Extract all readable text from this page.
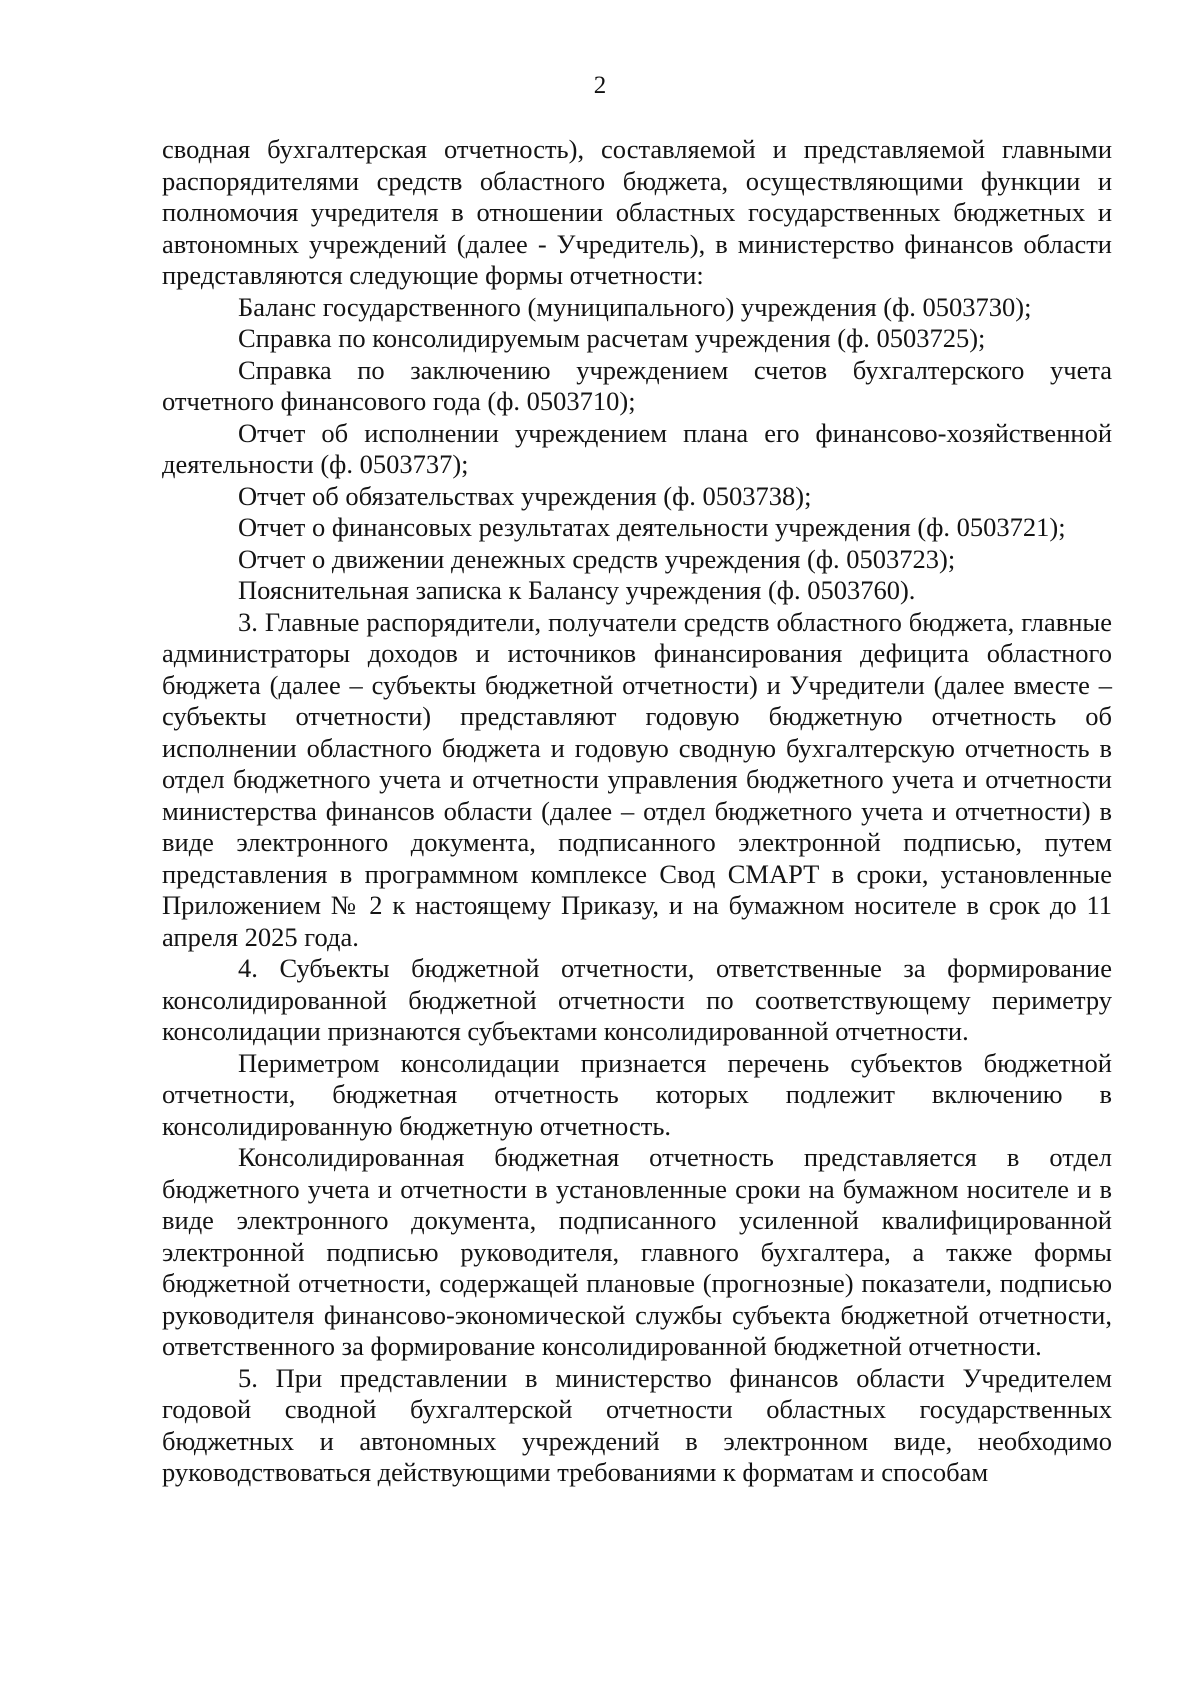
2

сводная бухгалтерская отчетность), составляемой и представляемой главными распорядителями средств областного бюджета, осуществляющими функции и полномочия учредителя в отношении областных государственных бюджетных и автономных учреждений (далее - Учредитель), в министерство финансов области представляются следующие формы отчетности:

Баланс государственного (муниципального) учреждения (ф. 0503730);

Справка по консолидируемым расчетам учреждения (ф. 0503725);

Справка по заключению учреждением счетов бухгалтерского учета отчетного финансового года (ф. 0503710);

Отчет об исполнении учреждением плана его финансово-хозяйственной деятельности (ф. 0503737);

Отчет об обязательствах учреждения (ф. 0503738);

Отчет о финансовых результатах деятельности учреждения (ф. 0503721);

Отчет о движении денежных средств учреждения (ф. 0503723);

Пояснительная записка к Балансу учреждения (ф. 0503760).

3. Главные распорядители, получатели средств областного бюджета, главные администраторы доходов и источников финансирования дефицита областного бюджета (далее – субъекты бюджетной отчетности) и Учредители (далее вместе – субъекты отчетности) представляют годовую бюджетную отчетность об исполнении областного бюджета и годовую сводную бухгалтерскую отчетность в отдел бюджетного учета и отчетности управления бюджетного учета и отчетности министерства финансов области (далее – отдел бюджетного учета и отчетности) в виде электронного документа, подписанного электронной подписью, путем представления в программном комплексе Свод СМАРТ в сроки, установленные Приложением № 2 к настоящему Приказу, и на бумажном носителе в срок до 11 апреля 2025 года.

4. Субъекты бюджетной отчетности, ответственные за формирование консолидированной бюджетной отчетности по соответствующему периметру консолидации признаются субъектами консолидированной отчетности.

Периметром консолидации признается перечень субъектов бюджетной отчетности, бюджетная отчетность которых подлежит включению в консолидированную бюджетную отчетность.

Консолидированная бюджетная отчетность представляется в отдел бюджетного учета и отчетности в установленные сроки на бумажном носителе и в виде электронного документа, подписанного усиленной квалифицированной электронной подписью руководителя, главного бухгалтера, а также формы бюджетной отчетности, содержащей плановые (прогнозные) показатели, подписью руководителя финансово-экономической службы субъекта бюджетной отчетности, ответственного за формирование консолидированной бюджетной отчетности.

5. При представлении в министерство финансов области Учредителем годовой сводной бухгалтерской отчетности областных государственных бюджетных и автономных учреждений в электронном виде, необходимо руководствоваться действующими требованиями к форматам и способам
